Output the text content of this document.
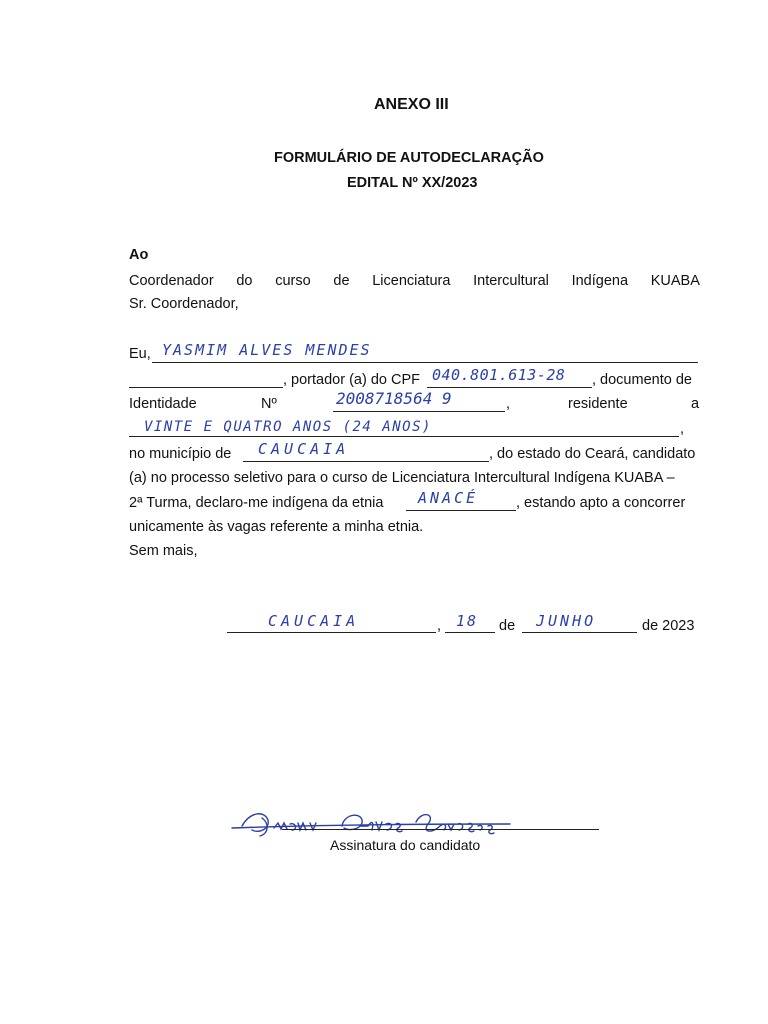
ANEXO III
FORMULÁRIO DE AUTODECLARAÇÃO
EDITAL Nº XX/2023
Ao
Coordenador do curso de Licenciatura Intercultural Indígena KUABA
Sr. Coordenador,
Eu, YASMIM ALVES MENDES
, portador (a) do CPF 040.801.613-28 , documento de
Identidade	Nº	2008718564 9	,	residente	a
VINTE E QUATRO ANOS (24 ANOS)	,
no município de CAUCAIA	, do estado do Ceará, candidato
(a) no processo seletivo para o curso de Licenciatura Intercultural Indígena KUABA –
2ª Turma, declaro-me indígena da etnia ANACÉ	, estando apto a concorrer
unicamente às vagas referente a minha etnia.
Sem mais,
CAUCAIA	, 18 de JUNHO	de 2023
Assinatura do candidato
